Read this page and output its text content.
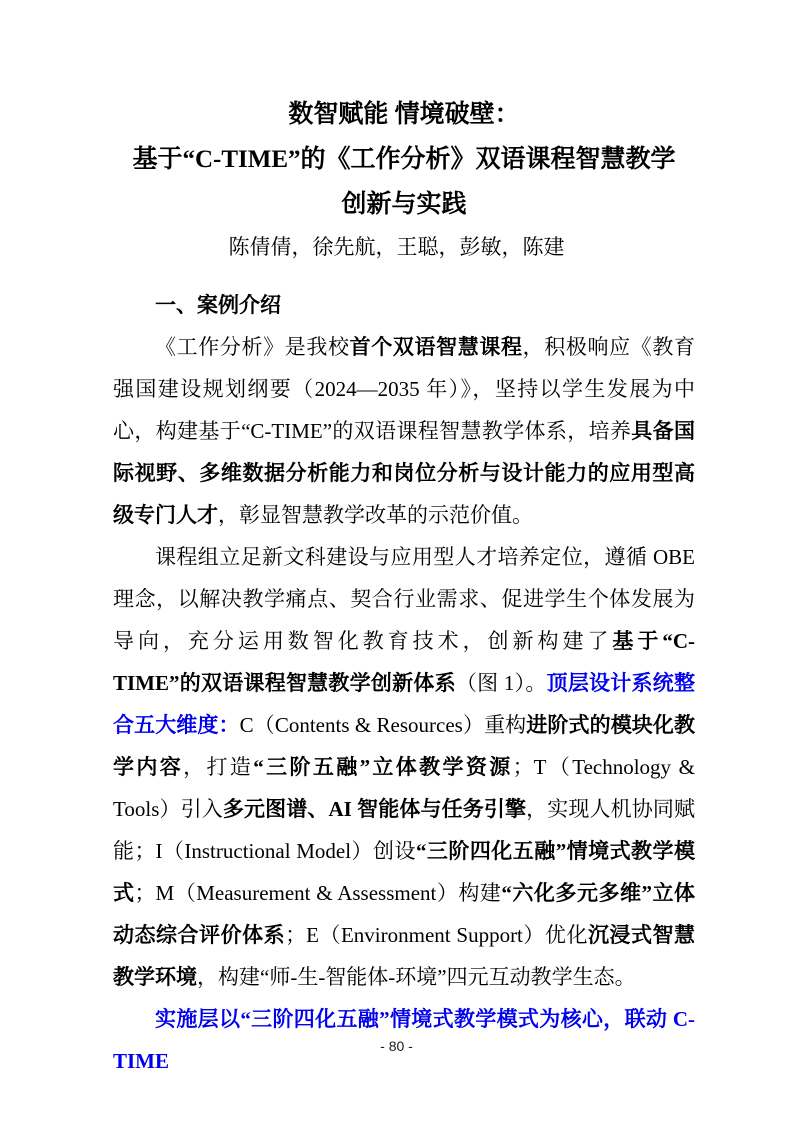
数智赋能 情境破壁：
基于“C-TIME”的《工作分析》双语课程智慧教学
创新与实践
陈倩倩，徐先航，王聪，彭敏，陈建
一、案例介绍

《工作分析》是我校首个双语智慧课程，积极响应《教育强国建设规划纲要（2024—2035 年）》，坚持以学生发展为中心，构建基于“C-TIME”的双语课程智慧教学体系，培养具备国际视野、多维数据分析能力和岗位分析与设计能力的应用型高级专门人才，彰显智慧教学改革的示范价值。

课程组立足新文科建设与应用型人才培养定位，遵循 OBE 理念，以解决教学痛点、契合行业需求、促进学生个体发展为导向，充分运用数智化教育技术，创新构建了基于“C-TIME”的双语课程智慧教学创新体系（图 1）。顶层设计系统整合五大维度：C（Contents & Resources）重构进阶式的模块化教学内容，打造“三阶五融”立体教学资源；T（Technology & Tools）引入多元图谱、AI 智能体与任务引擎，实现人机协同赋能；I（Instructional Model）创设“三阶四化五融”情境式教学模式；M（Measurement & Assessment）构建“六化多元多维”立体动态综合评价体系；E（Environment Support）优化沉浸式智慧教学环境，构建“师-生-智能体-环境”四元互动教学生态。

实施层以“三阶四化五融”情境式教学模式为核心，联动 C-TIME

- 80 -
